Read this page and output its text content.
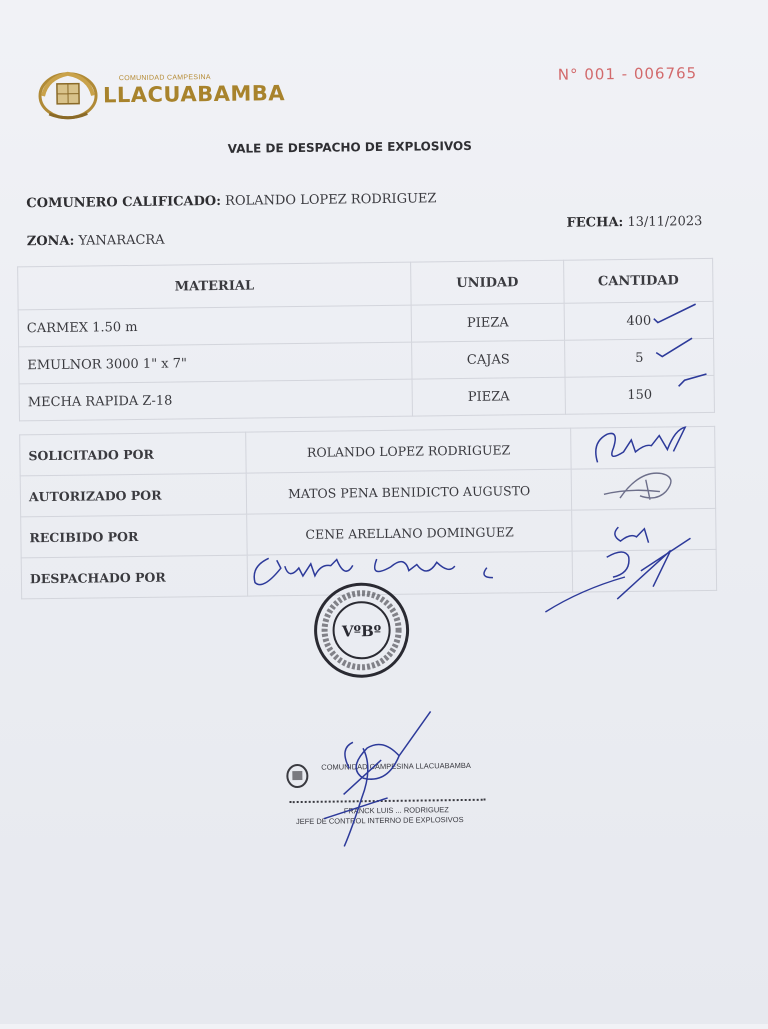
COMUNIDAD CAMPESINA
LLACUABAMBA
N° 001 - 006765
VALE DE DESPACHO DE EXPLOSIVOS
COMUNERO CALIFICADO: ROLANDO LOPEZ RODRIGUEZ
ZONA: YANARACRA
FECHA: 13/11/2023
MATERIAL	UNIDAD	CANTIDAD
CARMEX 1.50 m	PIEZA	400
EMULNOR 3000 1" x 7"	CAJAS	5
MECHA RAPIDA Z-18	PIEZA	150
SOLICITADO POR	ROLANDO LOPEZ RODRIGUEZ	
AUTORIZADO POR	MATOS PENA BENIDICTO AUGUSTO	
RECIBIDO POR	CENE ARELLANO DOMINGUEZ	
DESPACHADO POR		
VºBº
COMUNIDAD CAMPESINA LLACUABAMBA
FRANCK LUIS ... RODRIGUEZ
JEFE DE CONTROL INTERNO DE EXPLOSIVOS
